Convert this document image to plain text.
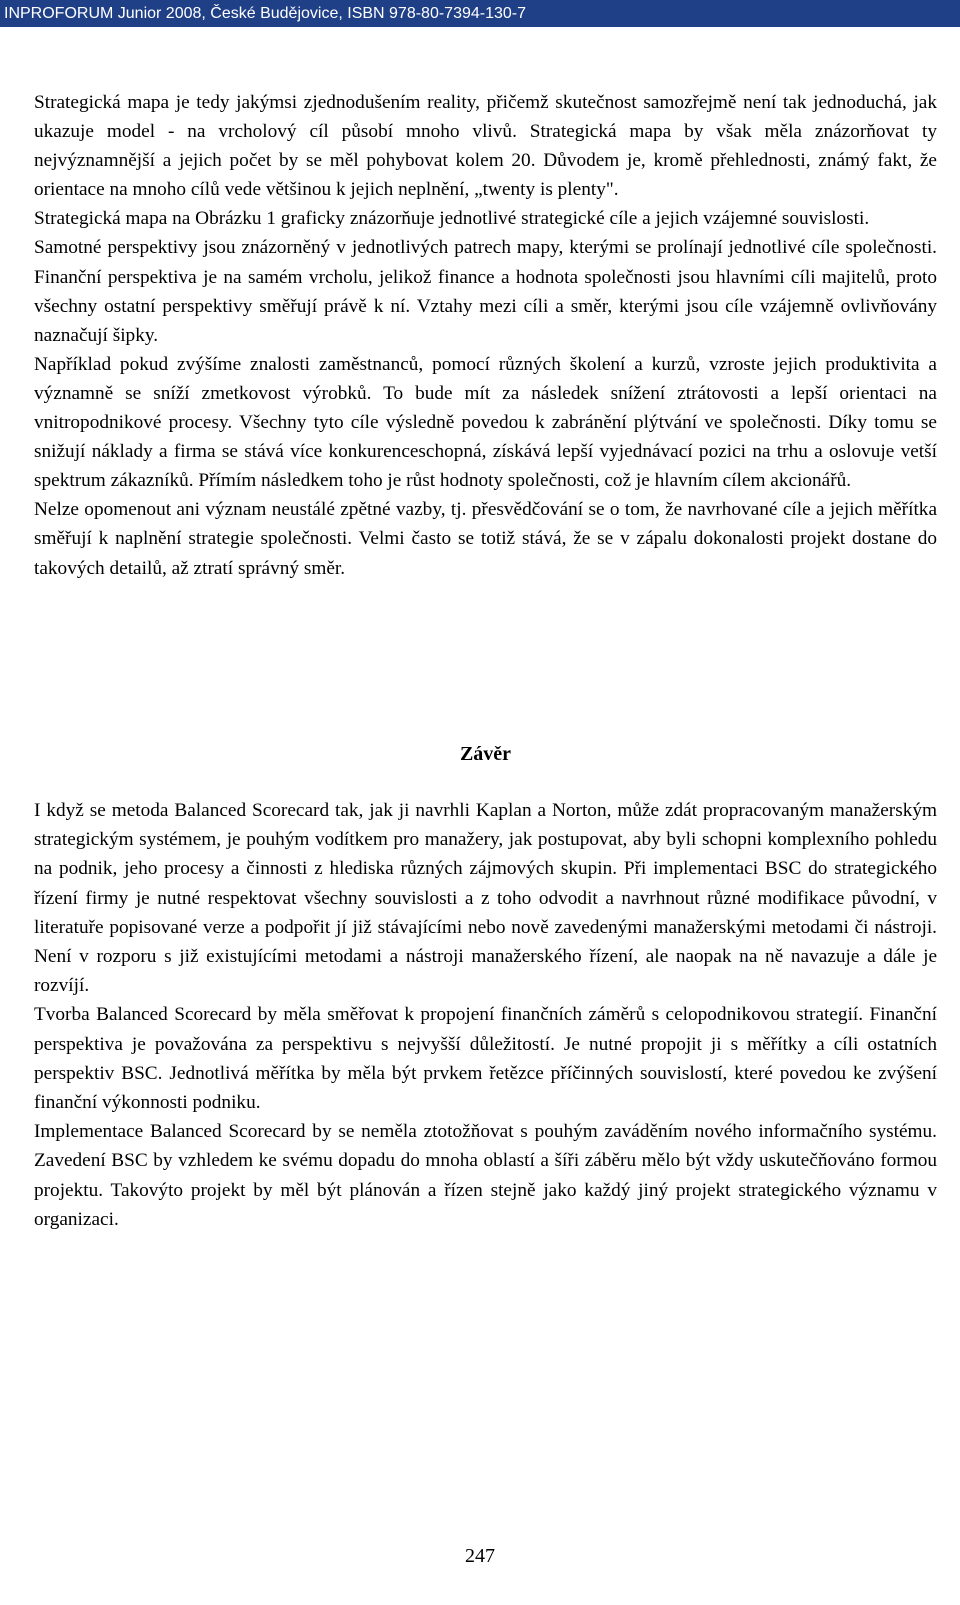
INPROFORUM Junior 2008, České Budějovice, ISBN 978-80-7394-130-7

Strategická mapa je tedy jakýmsi zjednodušením reality, přičemž skutečnost samozřejmě není tak jednoduchá, jak ukazuje model - na vrcholový cíl působí mnoho vlivů. Strategická mapa by však měla znázorňovat ty nejvýznamnější a jejich počet by se měl pohybovat kolem 20. Důvodem je, kromě přehlednosti, známý fakt, že orientace na mnoho cílů vede většinou k jejich neplnění, „twenty is plenty".

Strategická mapa na Obrázku 1 graficky znázorňuje jednotlivé strategické cíle a jejich vzájemné souvislosti.

Samotné perspektivy jsou znázorněný v jednotlivých patrech mapy, kterými se prolínají jednotlivé cíle společnosti. Finanční perspektiva je na samém vrcholu, jelikož finance a hodnota společnosti jsou hlavními cíli majitelů, proto všechny ostatní perspektivy směřují právě k ní. Vztahy mezi cíli a směr, kterými jsou cíle vzájemně ovlivňovány naznačují šipky.

Například pokud zvýšíme znalosti zaměstnanců, pomocí různých školení a kurzů, vzroste jejich produktivita a významně se sníží zmetkovost výrobků. To bude mít za následek snížení ztrátovosti a lepší orientaci na vnitropodnikové procesy. Všechny tyto cíle výsledně povedou k zabránění plýtvání ve společnosti. Díky tomu se snižují náklady a firma se stává více konkurenceschopná, získává lepší vyjednávací pozici na trhu a oslovuje vetší spektrum zákazníků. Přímím následkem toho je růst hodnoty společnosti, což je hlavním cílem akcionářů.

Nelze opomenout ani význam neustálé zpětné vazby, tj. přesvědčování se o tom, že navrhované cíle a jejich měřítka směřují k naplnění strategie společnosti. Velmi často se totiž stává, že se v zápalu dokonalosti projekt dostane do takových detailů, až ztratí správný směr.

Závěr

I když se metoda Balanced Scorecard tak, jak ji navrhli Kaplan a Norton, může zdát propracovaným manažerským strategickým systémem, je pouhým vodítkem pro manažery, jak postupovat, aby byli schopni komplexního pohledu na podnik, jeho procesy a činnosti z hlediska různých zájmových skupin. Při implementaci BSC do strategického řízení firmy je nutné respektovat všechny souvislosti a z toho odvodit a navrhnout různé modifikace původní, v literatuře popisované verze a podpořit jí již stávajícími nebo nově zavedenými manažerskými metodami či nástroji. Není v rozporu s již existujícími metodami a nástroji manažerského řízení, ale naopak na ně navazuje a dále je rozvíjí.

Tvorba Balanced Scorecard by měla směřovat k propojení finančních záměrů s celopodnikovou strategií. Finanční perspektiva je považována za perspektivu s nejvyšší důležitostí. Je nutné propojit ji s měřítky a cíli ostatních perspektiv BSC. Jednotlivá měřítka by měla být prvkem řetězce příčinných souvislostí, které povedou ke zvýšení finanční výkonnosti podniku.

Implementace Balanced Scorecard by se neměla ztotožňovat s pouhým zaváděním nového informačního systému. Zavedení BSC by vzhledem ke svému dopadu do mnoha oblastí a šíři záběru mělo být vždy uskutečňováno formou projektu. Takovýto projekt by měl být plánován a řízen stejně jako každý jiný projekt strategického významu v organizaci.

247
